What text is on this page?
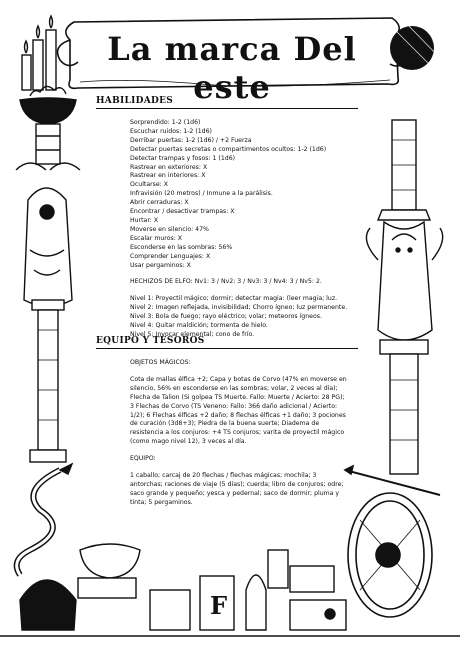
F
La marca Del este
HABILIDADES
Sorprendido: 1-2 (1d6)
Escuchar ruidos: 1-2 (1d6)
Derribar puertas: 1-2 (1d6) / +2 Fuerza
Detectar puertas secretas o compartimentos ocultos: 1-2 (1d6)
Detectar trampas y fosos: 1 (1d6)
Rastrear en exteriores: X
Rastrear en interiores: X
Ocultarse: X
Infravisión (20 metros) / Inmune a la parálisis.
Abrir cerraduras: X
Encontrar / desactivar trampas: X
Hurtar: X
Moverse en silencio: 47%
Escalar muros: X
Esconderse en las sombras: 56%
Comprender Lenguajes: X
Usar pergaminos: X
HECHIZOS DE ELFO: Nv1: 3 / Nv2: 3 / Nv3: 3 / Nv4: 3 / Nv5: 2.
Nivel 1: Proyectil mágico; dormir; detectar magia: (leer magia; luz.
Nivel 2: Imagen reflejada, invisibilidad; Chorro ígneo; luz permanente.
Nivel 3: Bola de fuego; rayo eléctrico; volar; meteoros ígneos.
Nivel 4: Quitar maldición; tormenta de hielo.
Nivel 5: Invocar elemental; cono de frío.
EQUIPO Y TESOROS
OBJETOS MÁGICOS:
Cota de mallas élfica +2; Capa y botas de Corvo (47% en moverse en
silencio, 56% en esconderse en las sombras; volar, 2 veces al día);
Flecha de Talion (Si golpea TS Muerte. Fallo: Muerte / Acierto: 28 PG);
3 Flechas de Corvo (TS Veneno: Fallo: 366 daño adicional / Acierto:
1/2); 6 Flechas élficas +2 daño; 8 flechas élficas +1 daño; 3 pociones
de curación (3d8+3); Piedra de la buena suerte; Diadema de
resistencia a los conjuros: +4 TS conjuros; varita de proyectil mágico
(como mago nivel 12), 3 veces al día.
EQUIPO:
1 caballo; carcaj de 20 flechas / flechas mágicas; mochila; 3
antorchas; raciones de viaje (5 días); cuerda; libro de conjuros; odre;
saco grande y pequeño; yesca y pedernal; saco de dormir; pluma y
tinta; 5 pergaminos.
